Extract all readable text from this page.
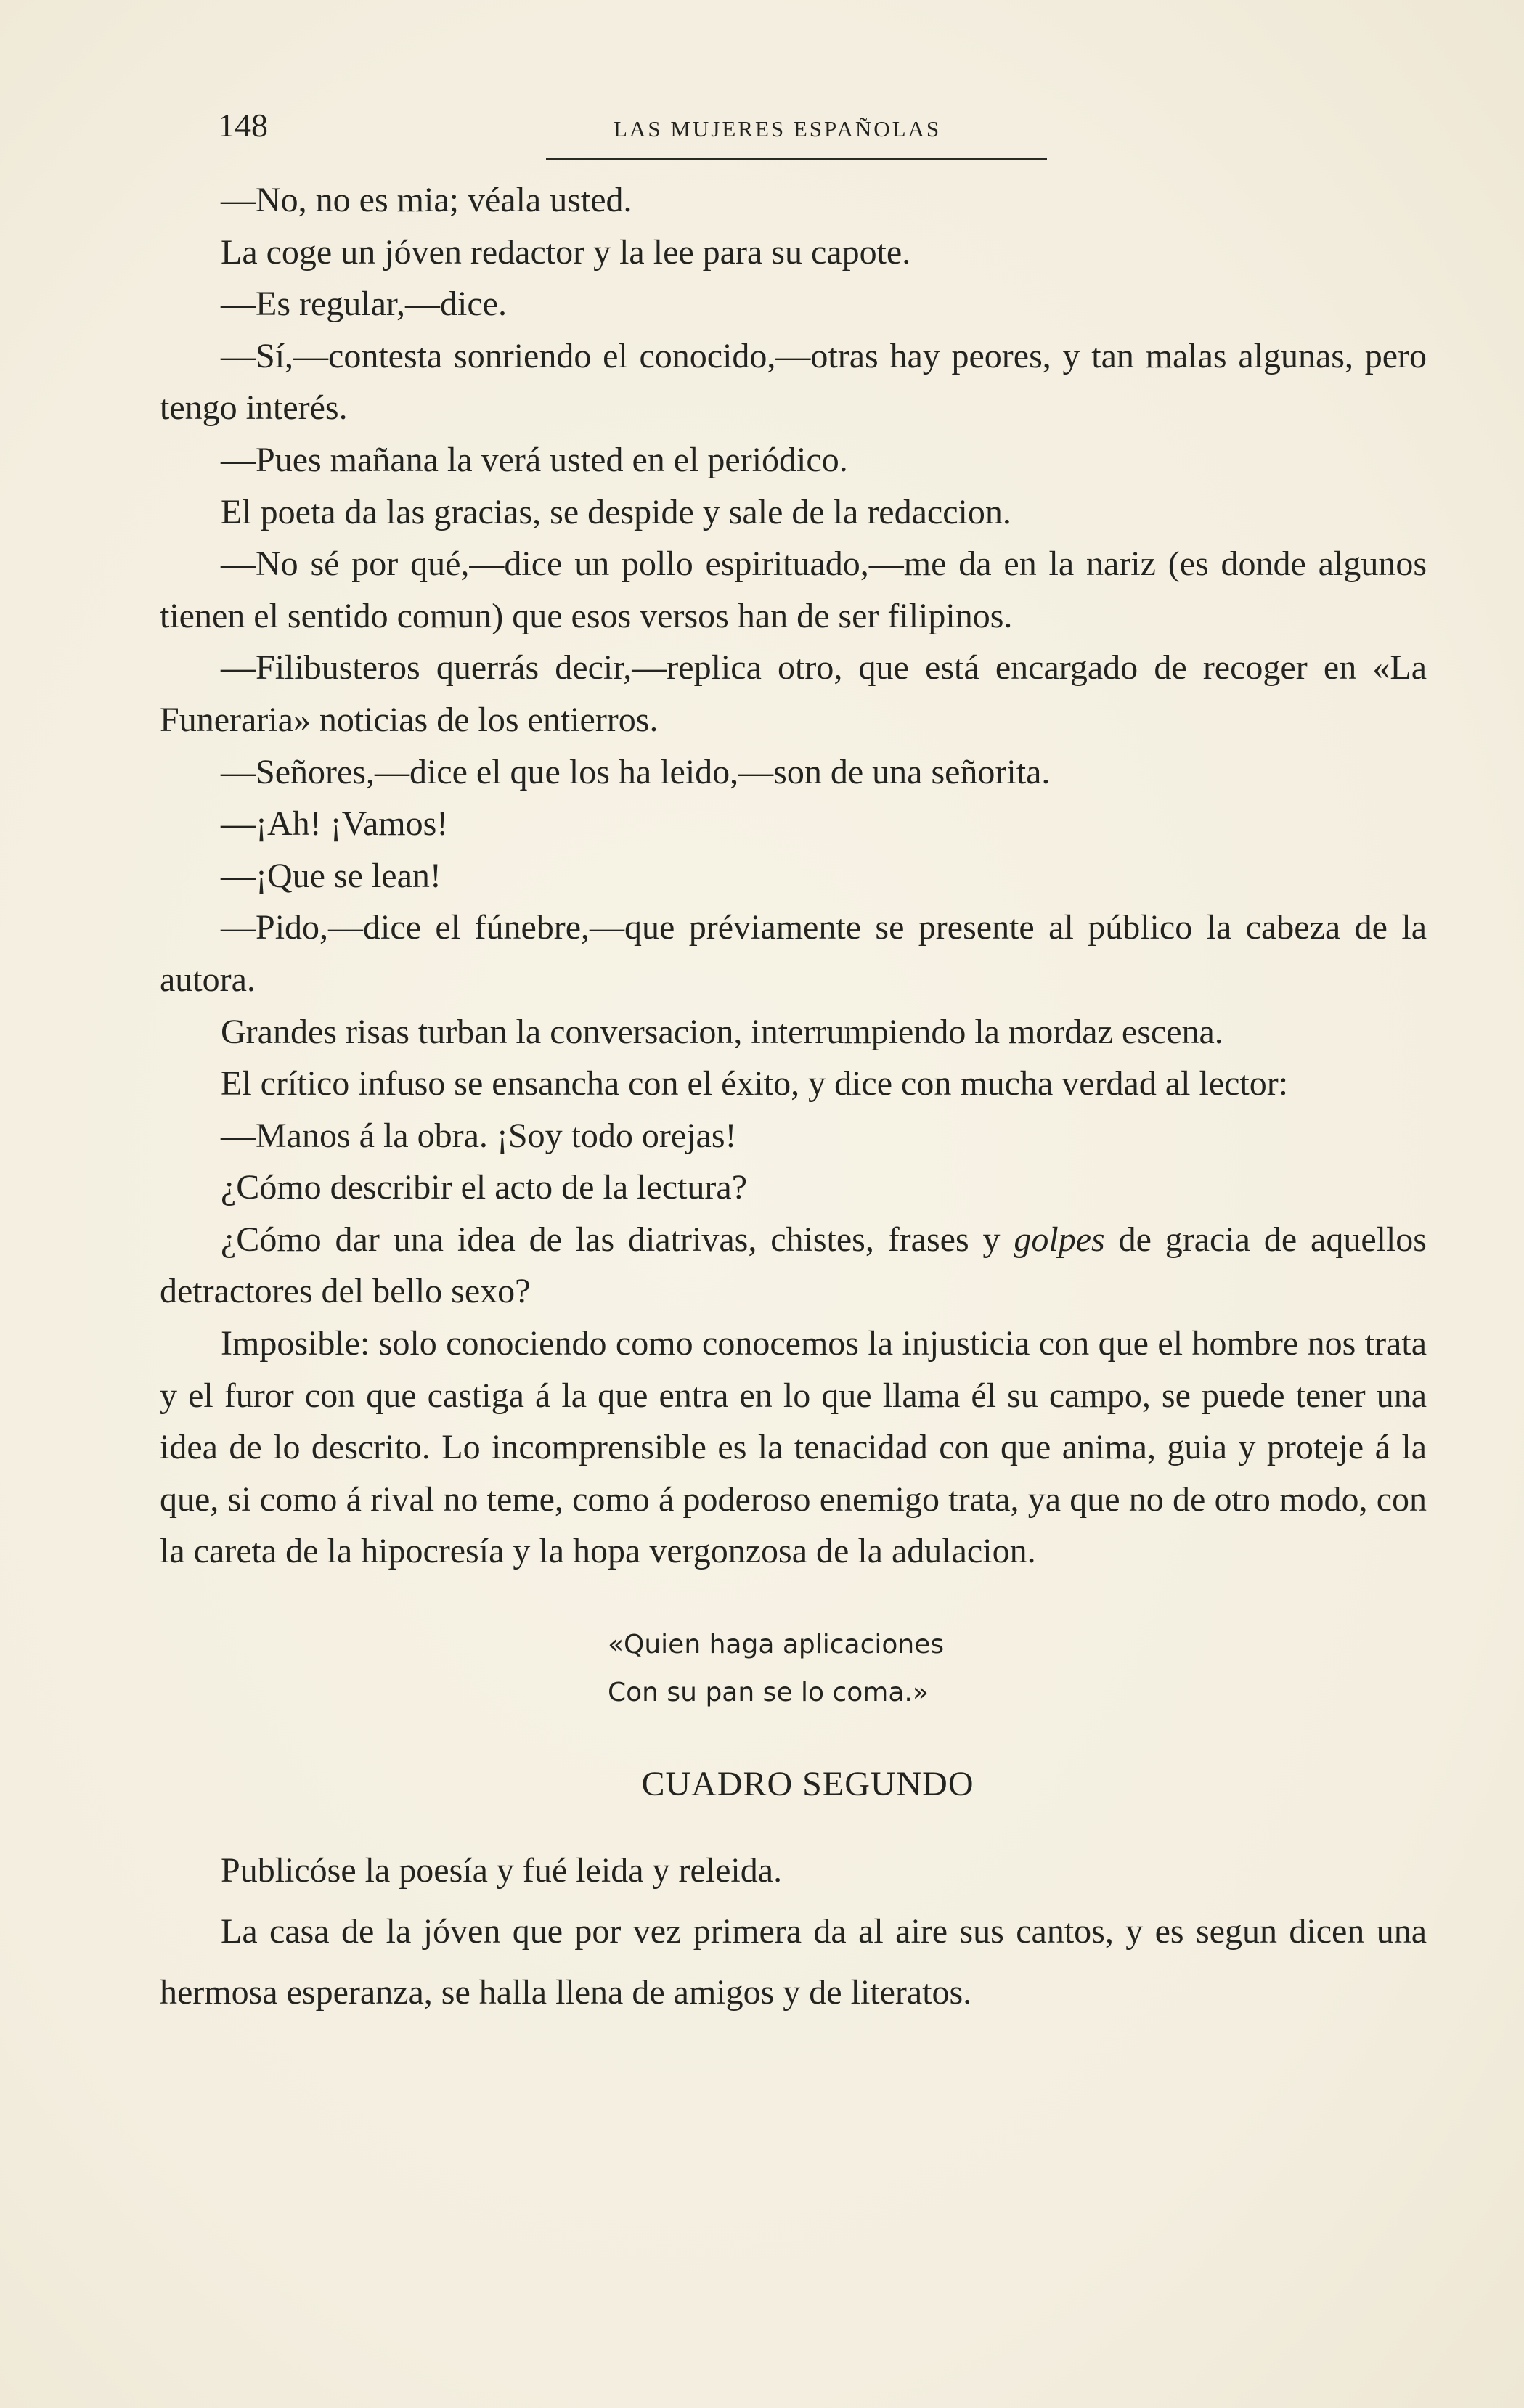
148	LAS MUJERES ESPAÑOLAS

—No, no es mia; véala usted.

La coge un jóven redactor y la lee para su capote.

—Es regular,—dice.

—Sí,—contesta sonriendo el conocido,—otras hay peores, y tan malas algunas, pero tengo interés.

—Pues mañana la verá usted en el periódico.

El poeta da las gracias, se despide y sale de la redaccion.

—No sé por qué,—dice un pollo espirituado,—me da en la nariz (es donde algunos tienen el sentido comun) que esos versos han de ser filipinos.

—Filibusteros querrás decir,—replica otro, que está encargado de recoger en «La Funeraria» noticias de los entierros.

—Señores,—dice el que los ha leido,—son de una señorita.

—¡Ah! ¡Vamos!

—¡Que se lean!

—Pido,—dice el fúnebre,—que préviamente se presente al público la cabeza de la autora.

Grandes risas turban la conversacion, interrumpiendo la mordaz escena.

El crítico infuso se ensancha con el éxito, y dice con mucha verdad al lector:

—Manos á la obra. ¡Soy todo orejas!

¿Cómo describir el acto de la lectura?

¿Cómo dar una idea de las diatrivas, chistes, frases y golpes de gracia de aquellos detractores del bello sexo?

Imposible: solo conociendo como conocemos la injusticia con que el hombre nos trata y el furor con que castiga á la que entra en lo que llama él su campo, se puede tener una idea de lo descrito. Lo incomprensible es la tenacidad con que anima, guia y proteje á la que, si como á rival no teme, como á poderoso enemigo trata, ya que no de otro modo, con la careta de la hipocresía y la hopa vergonzosa de la adulacion.

«Quien haga aplicaciones
Con su pan se lo coma.»
CUADRO SEGUNDO

Publicóse la poesía y fué leida y releida.

La casa de la jóven que por vez primera da al aire sus cantos, y es segun dicen una hermosa esperanza, se halla llena de amigos y de literatos.
